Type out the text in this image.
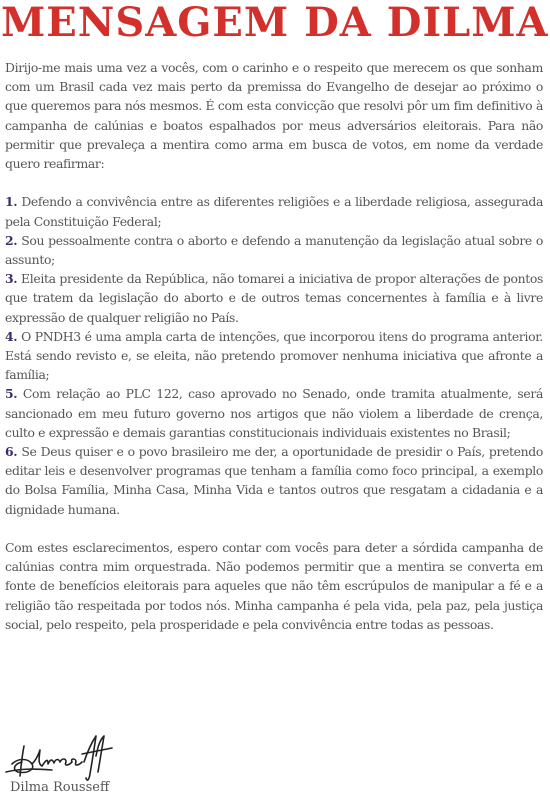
MENSAGEM DA DILMA

Dirijo-me mais uma vez a vocês, com o carinho e o respeito que merecem os que sonham com um Brasil cada vez mais perto da premissa do Evangelho de desejar ao próximo o que queremos para nós mesmos. É com esta convicção que resolvi pôr um fim definitivo à campanha de calúnias e boatos espalhados por meus adversários eleitorais. Para não permitir que prevaleça a mentira como arma em busca de votos, em nome da verdade quero reafirmar:

1. Defendo a convivência entre as diferentes religiões e a liberdade religiosa, assegurada pela Constituição Federal;

2. Sou pessoalmente contra o aborto e defendo a manutenção da legislação atual sobre o assunto;

3. Eleita presidente da República, não tomarei a iniciativa de propor alterações de pontos que tratem da legislação do aborto e de outros temas concernentes à família e à livre expressão de qualquer religião no País.

4. O PNDH3 é uma ampla carta de intenções, que incorporou itens do programa anterior. Está sendo revisto e, se eleita, não pretendo promover nenhuma iniciativa que afronte a família;

5. Com relação ao PLC 122, caso aprovado no Senado, onde tramita atualmente, será sancionado em meu futuro governo nos artigos que não violem a liberdade de crença, culto e expressão e demais garantias constitucionais individuais existentes no Brasil;

6. Se Deus quiser e o povo brasileiro me der, a oportunidade de presidir o País, pretendo editar leis e desenvolver programas que tenham a família como foco principal, a exemplo do Bolsa Família, Minha Casa, Minha Vida e tantos outros que resgatam a cidadania e a dignidade humana.

Com estes esclarecimentos, espero contar com vocês para deter a sórdida campanha de calúnias contra mim orquestrada. Não podemos permitir que a mentira se converta em fonte de benefícios eleitorais para aqueles que não têm escrúpulos de manipular a fé e a religião tão respeitada por todos nós. Minha campanha é pela vida, pela paz, pela justiça social, pelo respeito, pela prosperidade e pela convivência entre todas as pessoas.

Dilma Rousseff
